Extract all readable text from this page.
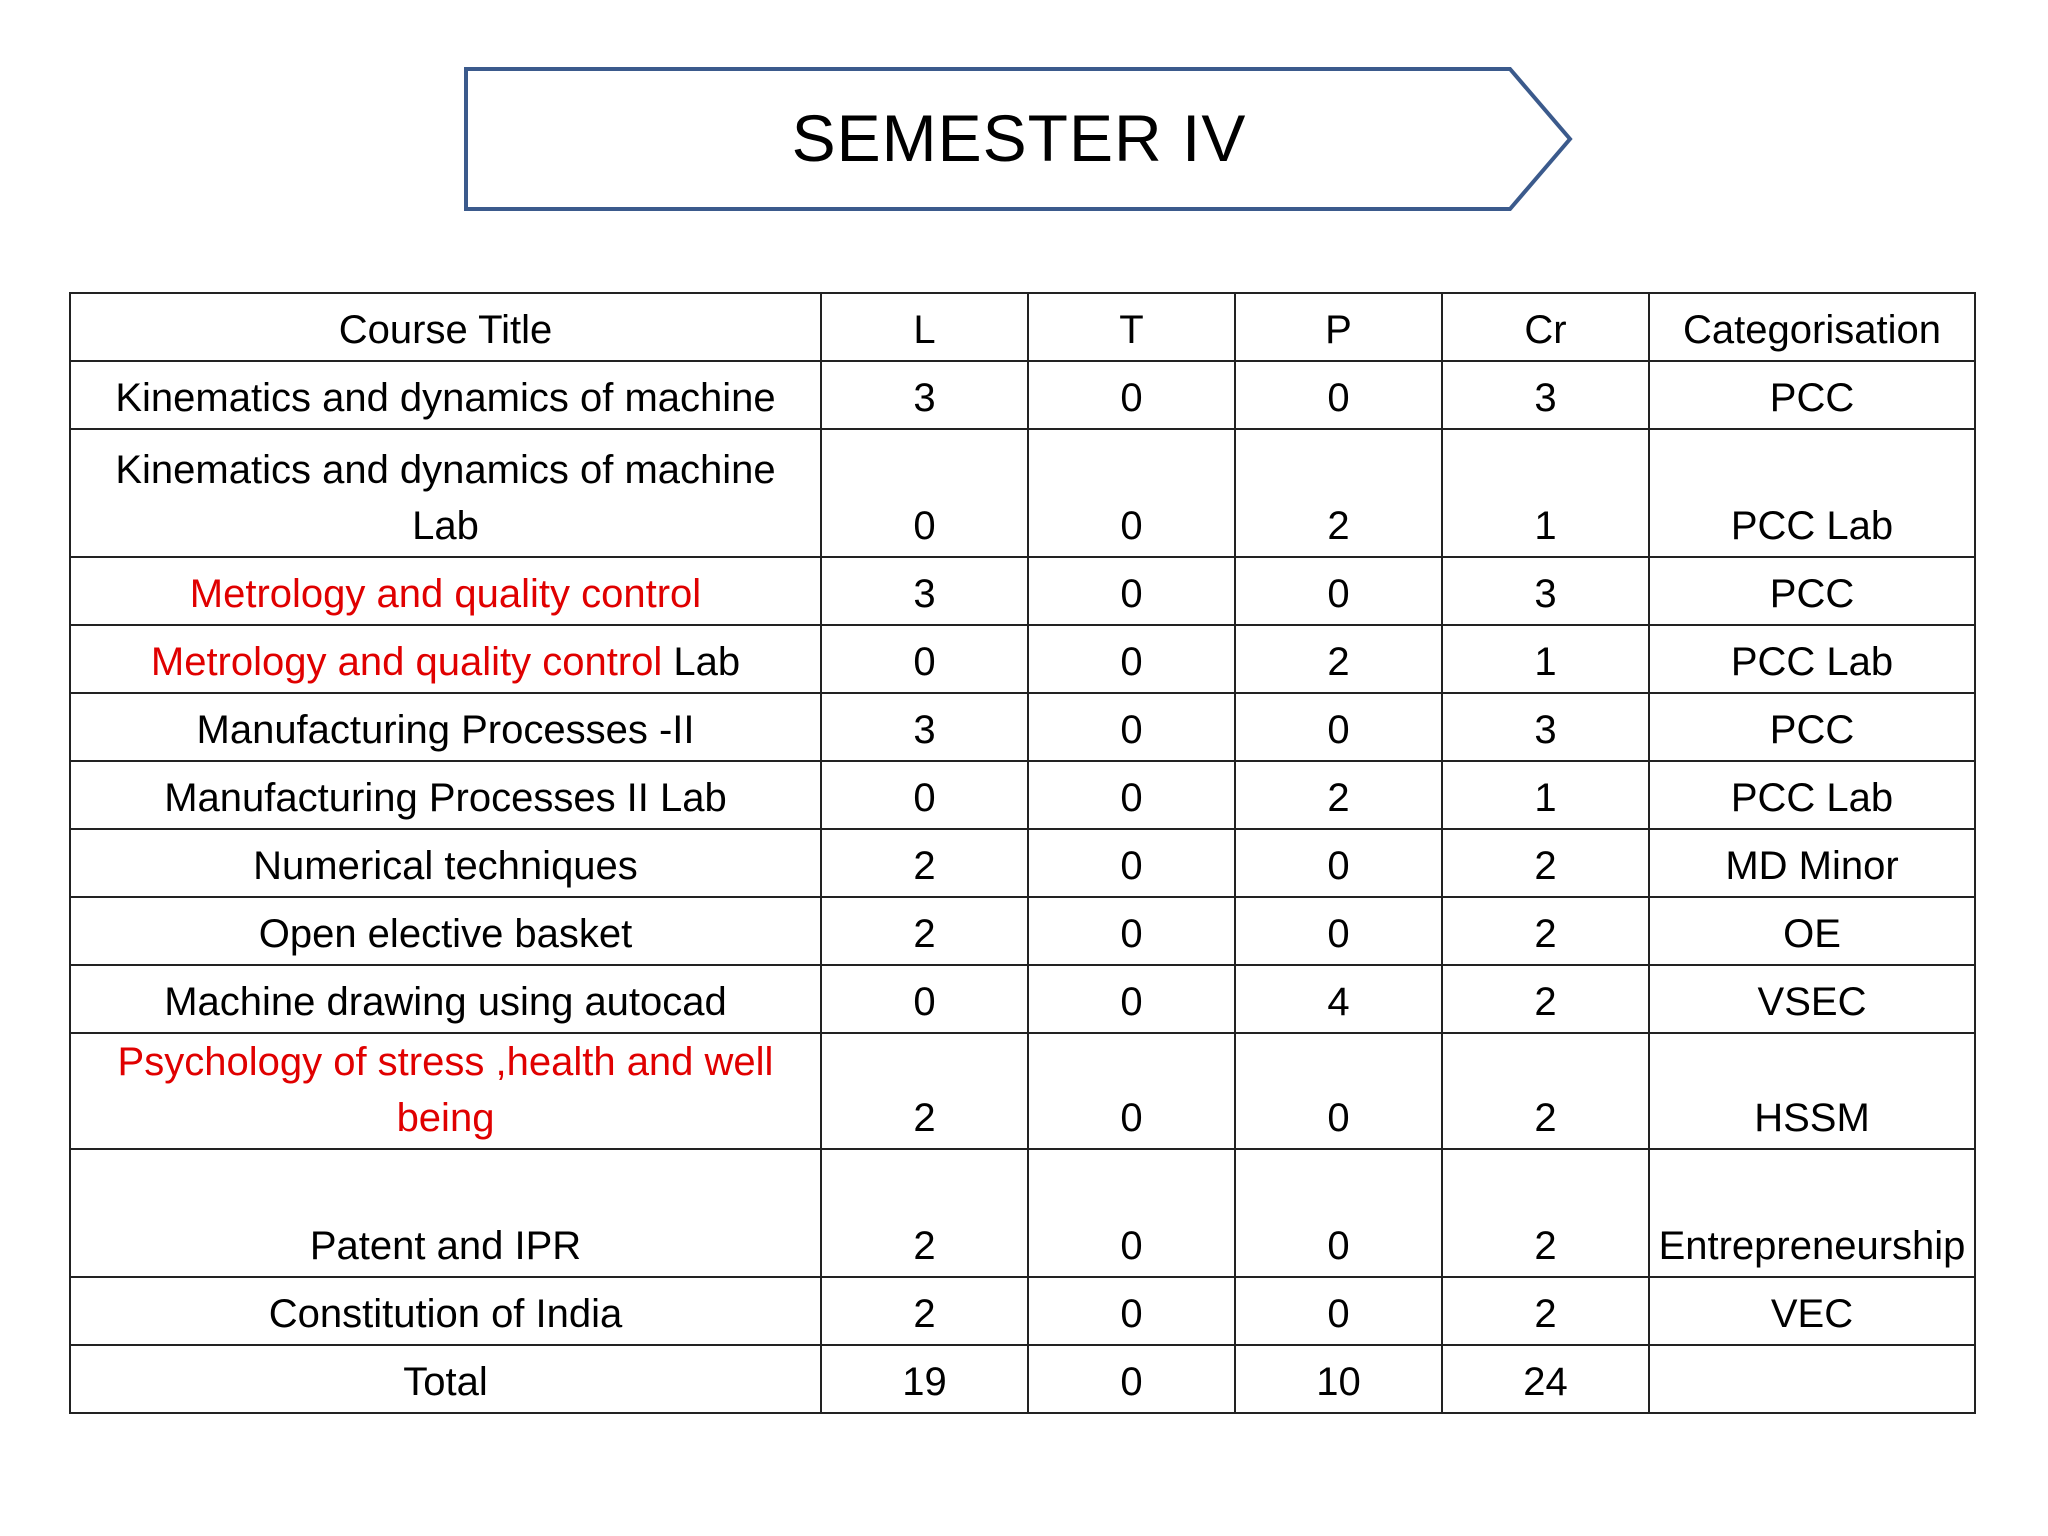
SEMESTER IV
Course Title	L	T	P	Cr	Categorisation
Kinematics and dynamics of machine	3	0	0	3	PCC
Kinematics and dynamics of machine Lab	0	0	2	1	PCC Lab
Metrology and quality control	3	0	0	3	PCC
Metrology and quality control Lab	0	0	2	1	PCC Lab
Manufacturing Processes -II	3	0	0	3	PCC
Manufacturing Processes II Lab	0	0	2	1	PCC Lab
Numerical techniques	2	0	0	2	MD Minor
Open elective basket	2	0	0	2	OE
Machine drawing using autocad	0	0	4	2	VSEC
Psychology of stress ,health and well being	2	0	0	2	HSSM
Patent and IPR	2	0	0	2	Entrepreneurship
Constitution of India	2	0	0	2	VEC
Total	19	0	10	24	
